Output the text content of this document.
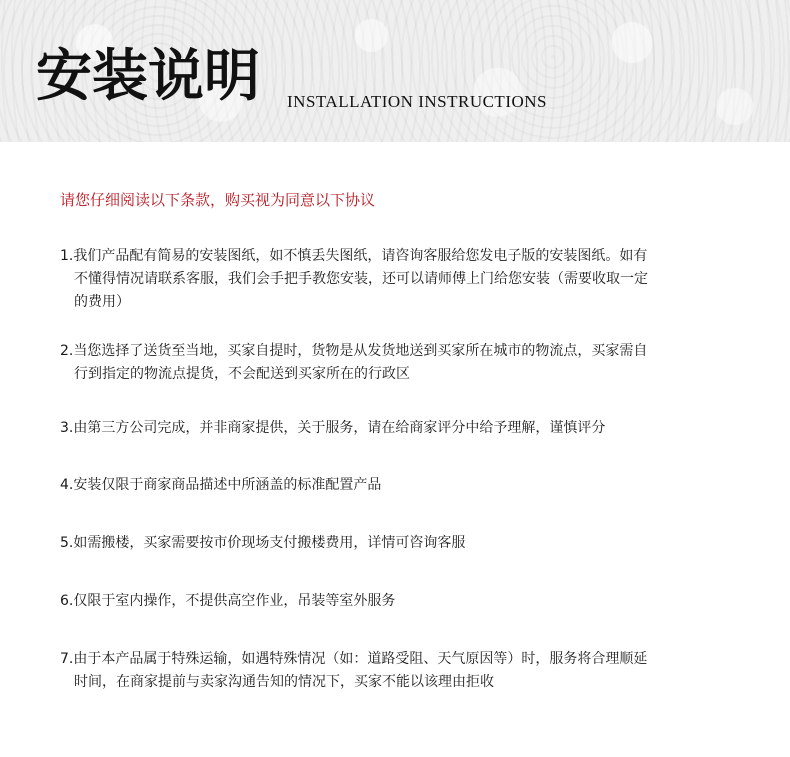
安装说明 INSTALLATION INSTRUCTIONS
请您仔细阅读以下条款，购买视为同意以下协议
1.我们产品配有简易的安装图纸，如不慎丢失图纸，请咨询客服给您发电子版的安装图纸。如有
不懂得情况请联系客服，我们会手把手教您安装，还可以请师傅上门给您安装（需要收取一定
的费用）
2.当您选择了送货至当地，买家自提时，货物是从发货地送到买家所在城市的物流点，买家需自
行到指定的物流点提货，不会配送到买家所在的行政区
3.由第三方公司完成，并非商家提供，关于服务，请在给商家评分中给予理解，谨慎评分
4.安装仅限于商家商品描述中所涵盖的标准配置产品
5.如需搬楼，买家需要按市价现场支付搬楼费用，详情可咨询客服
6.仅限于室内操作，不提供高空作业，吊装等室外服务
7.由于本产品属于特殊运输，如遇特殊情况（如：道路受阻、天气原因等）时，服务将合理顺延
时间，在商家提前与卖家沟通告知的情况下，买家不能以该理由拒收
